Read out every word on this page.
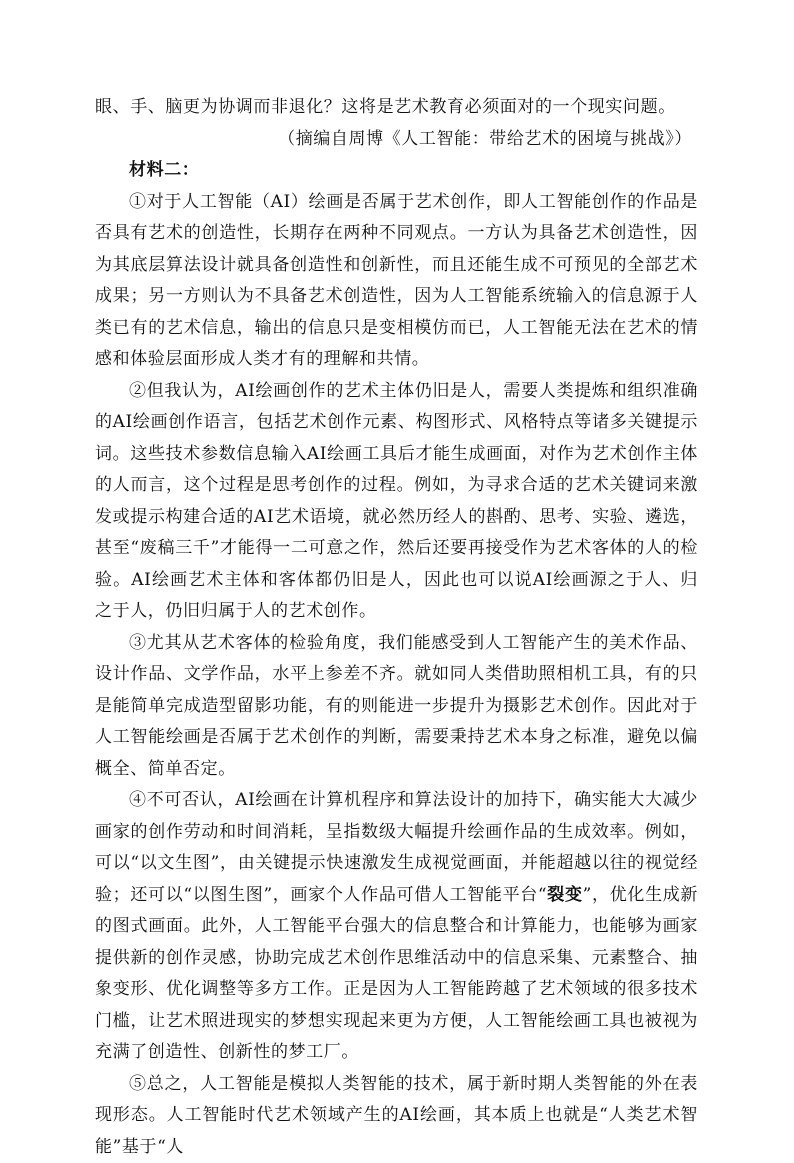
眼、手、脑更为协调而非退化？这将是艺术教育必须面对的一个现实问题。

（摘编自周博《人工智能：带给艺术的困境与挑战》）

材料二：

①对于人工智能（AI）绘画是否属于艺术创作，即人工智能创作的作品是否具有艺术的创造性，长期存在两种不同观点。一方认为具备艺术创造性，因为其底层算法设计就具备创造性和创新性，而且还能生成不可预见的全部艺术成果；另一方则认为不具备艺术创造性，因为人工智能系统输入的信息源于人类已有的艺术信息，输出的信息只是变相模仿而已，人工智能无法在艺术的情感和体验层面形成人类才有的理解和共情。

②但我认为，AI绘画创作的艺术主体仍旧是人，需要人类提炼和组织准确的AI绘画创作语言，包括艺术创作元素、构图形式、风格特点等诸多关键提示词。这些技术参数信息输入AI绘画工具后才能生成画面，对作为艺术创作主体的人而言，这个过程是思考创作的过程。例如，为寻求合适的艺术关键词来激发或提示构建合适的AI艺术语境，就必然历经人的斟酌、思考、实验、遴选，甚至“废稿三千”才能得一二可意之作，然后还要再接受作为艺术客体的人的检验。AI绘画艺术主体和客体都仍旧是人，因此也可以说AI绘画源之于人、归之于人，仍旧归属于人的艺术创作。

③尤其从艺术客体的检验角度，我们能感受到人工智能产生的美术作品、设计作品、文学作品，水平上参差不齐。就如同人类借助照相机工具，有的只是能简单完成造型留影功能，有的则能进一步提升为摄影艺术创作。因此对于人工智能绘画是否属于艺术创作的判断，需要秉持艺术本身之标准，避免以偏概全、简单否定。

④不可否认，AI绘画在计算机程序和算法设计的加持下，确实能大大减少画家的创作劳动和时间消耗，呈指数级大幅提升绘画作品的生成效率。例如，可以“以文生图”，由关键提示快速激发生成视觉画面，并能超越以往的视觉经验；还可以“以图生图”，画家个人作品可借人工智能平台“裂变”，优化生成新的图式画面。此外，人工智能平台强大的信息整合和计算能力，也能够为画家提供新的创作灵感，协助完成艺术创作思维活动中的信息采集、元素整合、抽象变形、优化调整等多方工作。正是因为人工智能跨越了艺术领域的很多技术门槛，让艺术照进现实的梦想实现起来更为方便，人工智能绘画工具也被视为充满了创造性、创新性的梦工厂。

⑤总之，人工智能是模拟人类智能的技术，属于新时期人类智能的外在表现形态。人工智能时代艺术领域产生的AI绘画，其本质上也就是“人类艺术智能”基于“人
